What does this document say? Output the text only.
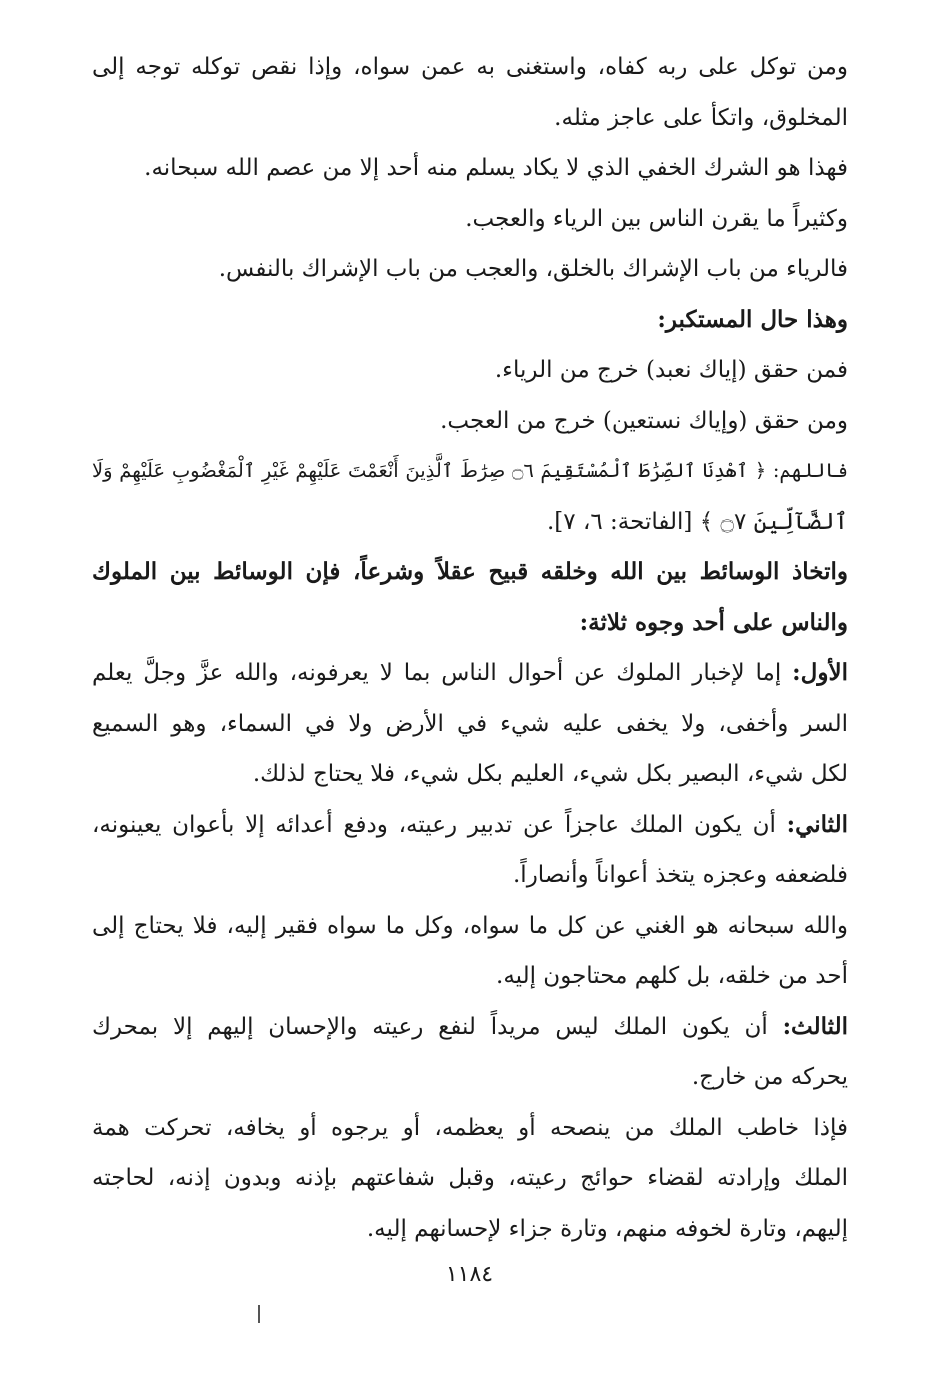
ومن توكل على ربه كفاه، واستغنى به عمن سواه، وإذا نقص توكله توجه إلى
المخلوق، واتكأ على عاجز مثله.
فهذا هو الشرك الخفي الذي لا يكاد يسلم منه أحد إلا من عصم الله سبحانه.
وكثيراً ما يقرن الناس بين الرياء والعجب.
فالرياء من باب الإشراك بالخلق، والعجب من باب الإشراك بالنفس.
وهذا حال المستكبر:
فمن حقق (إياك نعبد) خرج من الرياء.
ومن حقق (وإياك نستعين) خرج من العجب.
فاللهم: ﴿ ٱهْدِنَا ٱلصِّرَٰطَ ٱلْمُسْتَقِيمَ ۝٦ صِرَٰطَ ٱلَّذِينَ أَنْعَمْتَ عَلَيْهِمْ غَيْرِ ٱلْمَغْضُوبِ عَلَيْهِمْ وَلَا
ٱلضَّآلِّينَ ۝٧ ﴾ [الفاتحة: ٦، ٧].
واتخاذ الوسائط بين الله وخلقه قبيح عقلاً وشرعاً، فإن الوسائط بين الملوك
والناس على أحد وجوه ثلاثة:
الأول: إما لإخبار الملوك عن أحوال الناس بما لا يعرفونه، والله عزَّ وجلَّ يعلم
السر وأخفى، ولا يخفى عليه شيء في الأرض ولا في السماء، وهو السميع
لكل شيء، البصير بكل شيء، العليم بكل شيء، فلا يحتاج لذلك.
الثاني: أن يكون الملك عاجزاً عن تدبير رعيته، ودفع أعدائه إلا بأعوان يعينونه،
فلضعفه وعجزه يتخذ أعواناً وأنصاراً.
والله سبحانه هو الغني عن كل ما سواه، وكل ما سواه فقير إليه، فلا يحتاج إلى
أحد من خلقه، بل كلهم محتاجون إليه.
الثالث: أن يكون الملك ليس مريداً لنفع رعيته والإحسان إليهم إلا بمحرك
يحركه من خارج.
فإذا خاطب الملك من ينصحه أو يعظمه، أو يرجوه أو يخافه، تحركت همة
الملك وإرادته لقضاء حوائج رعيته، وقبل شفاعتهم بإذنه وبدون إذنه، لحاجته
إليهم، وتارة لخوفه منهم، وتارة جزاء لإحسانهم إليه.
١١٨٤
